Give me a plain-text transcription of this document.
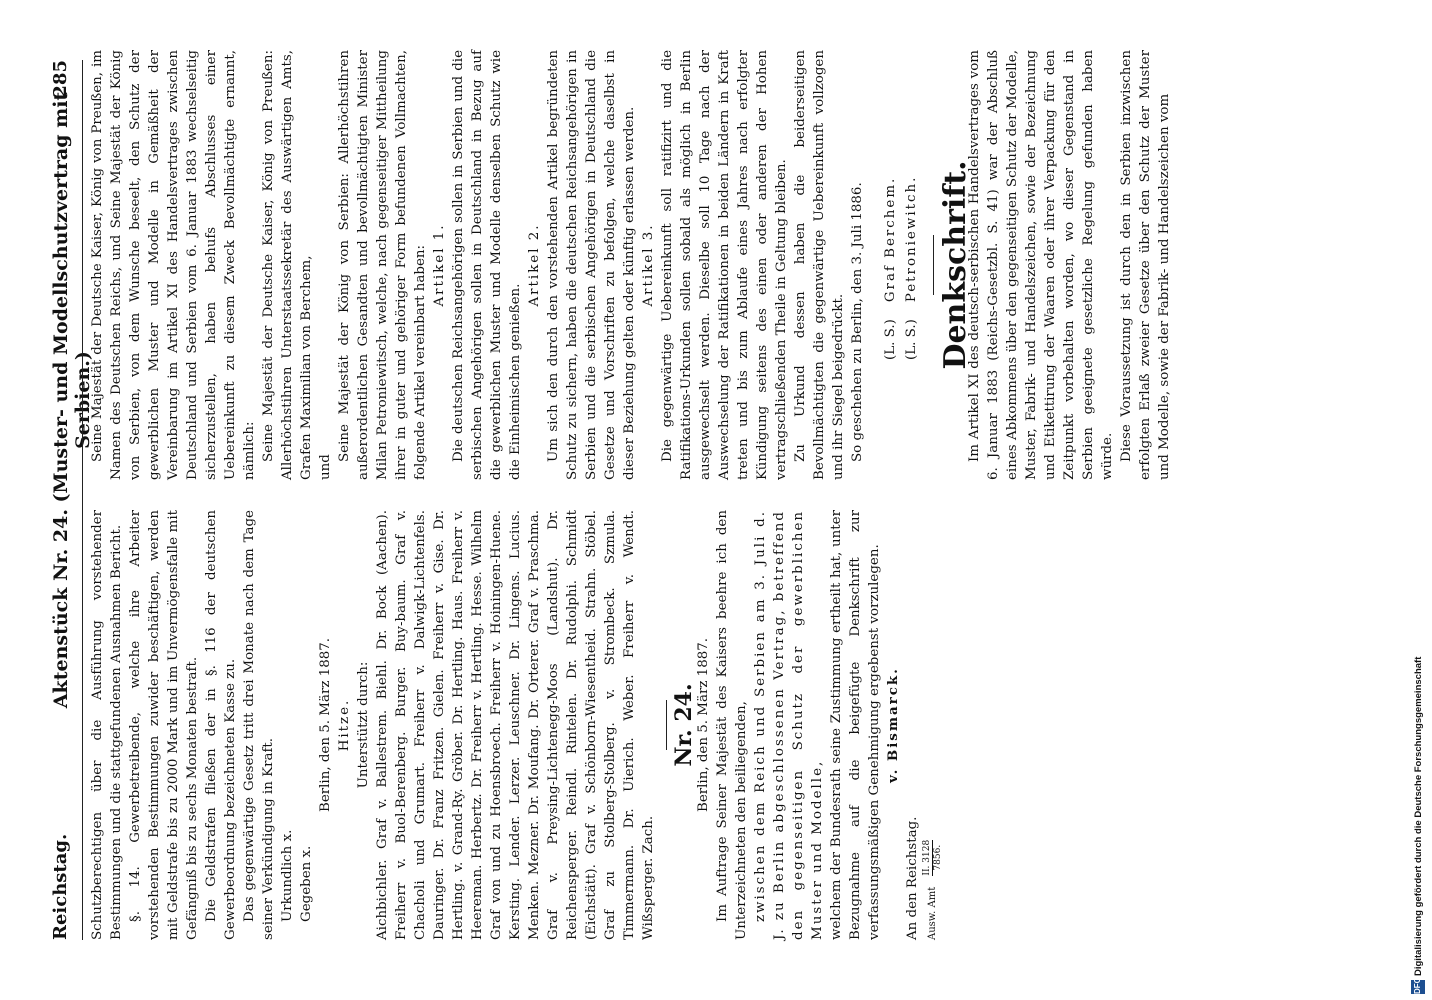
Reichstag.
Aktenstück Nr. 24. (Muster- und Modellschutzvertrag mit Serbien.)
285

Schutzberechtigen über die Ausführung vorstehender Bestimmungen und die stattgefundenen Ausnahmen Bericht. §. 14. Gewerbetreibende, welche ihre Arbeiter vorstehenden Bestimmungen zuwider beschäftigen, werden mit Geldstrafe bis zu 2000 Mark und im Unvermögensfalle mit Gefängniß bis zu sechs Monaten bestraft. Die Geldstrafen fließen der in §. 116 der deutschen Gewerbeordnung bezeichneten Kasse zu. Das gegenwärtige Gesetz tritt drei Monate nach dem Tage seiner Verkündigung in Kraft. Urkundlich x. Gegeben x.

Berlin, den 5. März 1887. Hitze. Unterstützt durch: Aichbichler. Graf v. Ballestrem. Biehl. Dr. Bock (Aachen). Freiherr v. Buol-Berenberg. Burger. Buy-baum. Graf v. Chacholi und Grumart. Freiherr v. Dalwigk-Lichtenfels. Dauringer. Dr. Franz Fritzen. Gielen. Freiherr v. Gise. Dr. Hertling. v. Grand-Ry. Gröber. Dr. Hertling. Haus. Freiherr v. Heereman. Herbertz. Dr. Freiherr v. Hertling. Hesse. Wilhelm Graf von und zu Hoensbroech. Freiherr v. Hoiningen-Huene. Kersting. Lender. Lerzer. Leuschner. Dr. Lingens. Lucius. Menken. Mezner. Dr. Moufang. Dr. Orterer. Graf v. Praschma. Graf v. Preysing-Lichtenegg-Moos (Landshut). Dr. Reichensperger. Reindl. Rintelen. Dr. Rudolphi. Schmidt (Eichstätt). Graf v. Schönborn-Wiesentheid. Strahn. Stöbel. Graf zu Stolberg-Stolberg. v. Strombeck. Szmula. Timmermann. Dr. Uierich. Weber. Freiherr v. Wendt. Wißsperger. Zach.

Nr. 24. Berlin, den 5. März 1887. Im Auftrage Seiner Majestät des Kaisers beehre ich den Unterzeichneten den beiliegenden, zwischen dem Reich und Serbien am 3. Juli d. J. zu Berlin abgeschlossenen Vertrag, betreffend den gegenseitigen Schutz der gewerblichen Muster und Modelle, welchem der Bundesrath seine Zustimmung ertheilt hat, unter Bezugnahme auf die beigefügte Denkschrift zur verfassungsmäßigen Genehmigung ergebenst vorzulegen. v. Bismarck.

An den Reichstag. Ausw. Amt
II. 3128 7856.

Seine Majestät der Deutsche Kaiser, König von Preußen, im Namen des Deutschen Reichs, und Seine Majestät der König von Serbien, von dem Wunsche beseelt, den Schutz der gewerblichen Muster und Modelle in Gemäßheit der Vereinbarung im Artikel XI des Handelsvertrages zwischen Deutschland und Serbien vom 6. Januar 1883 wechselseitig sicherzustellen, haben behufs Abschlusses einer Uebereinkunft zu diesem Zweck Bevollmächtigte ernannt, nämlich: Seine Majestät der Deutsche Kaiser, König von Preußen: Allerhöchstihren Unterstaatssekretär des Auswärtigen Amts, Grafen Maximilian von Berchem, und

Seine Majestät der König von Serbien: Allerhöchstihren außerordentlichen Gesandten und bevollmächtigten Minister Milan Petroniewitsch, welche, nach gegenseitiger Mittheilung ihrer in guter und gehöriger Form befundenen Vollmachten, folgende Artikel vereinbart haben: Artikel 1. Die deutschen Reichsangehörigen sollen in Serbien und die serbischen Angehörigen sollen in Deutschland in Bezug auf die gewerblichen Muster und Modelle denselben Schutz wie die Einheimischen genießen.

Artikel 2. Um sich den durch den vorstehenden Artikel begründeten Schutz zu sichern, haben die deutschen Reichsangehörigen in Serbien und die serbischen Angehörigen in Deutschland die Gesetze und Vorschriften zu befolgen, welche daselbst in dieser Beziehung gelten oder künftig erlassen werden. Artikel 3. Die gegenwärtige Uebereinkunft soll ratifizirt und die Ratifikations-Urkunden sollen sobald als möglich in Berlin ausgewechselt werden. Dieselbe soll 10 Tage nach der Auswechselung der Ratifikationen in beiden Ländern in Kraft treten und bis zum Ablaufe eines Jahres nach erfolgter Kündigung seitens des einen oder anderen der Hohen vertragschließenden Theile in Geltung bleiben. Zu Urkund dessen haben die beiderseitigen Bevollmächtigten die gegenwärtige Uebereinkunft vollzogen und ihr Siegel beigedrückt. So geschehen zu Berlin, den 3. Juli 1886. (L. S.)    Graf Berchem.
(L. S.)    Petroniewitch. Denkschrift.

Im Artikel XI des deutsch-serbischen Handelsvertrages vom 6. Januar 1883 (Reichs-Gesetzbl. S. 41) war der Abschluß eines Abkommens über den gegenseitigen Schutz der Modelle, Muster, Fabrik- und Handelszeichen, sowie der Bezeichnung und Etikettirung der Waaren oder ihrer Verpackung für den Zeitpunkt vorbehalten worden, wo dieser Gegenstand in Serbien geeignete gesetzliche Regelung gefunden haben würde. Diese Voraussetzung ist durch den in Serbien inzwischen erfolgten Erlaß zweier Gesetze über den Schutz der Muster und Modelle, sowie der Fabrik- und Handelszeichen vom

DFG
Digitalisierung gefördert durch die Deutsche Forschungsgemeinschaft
